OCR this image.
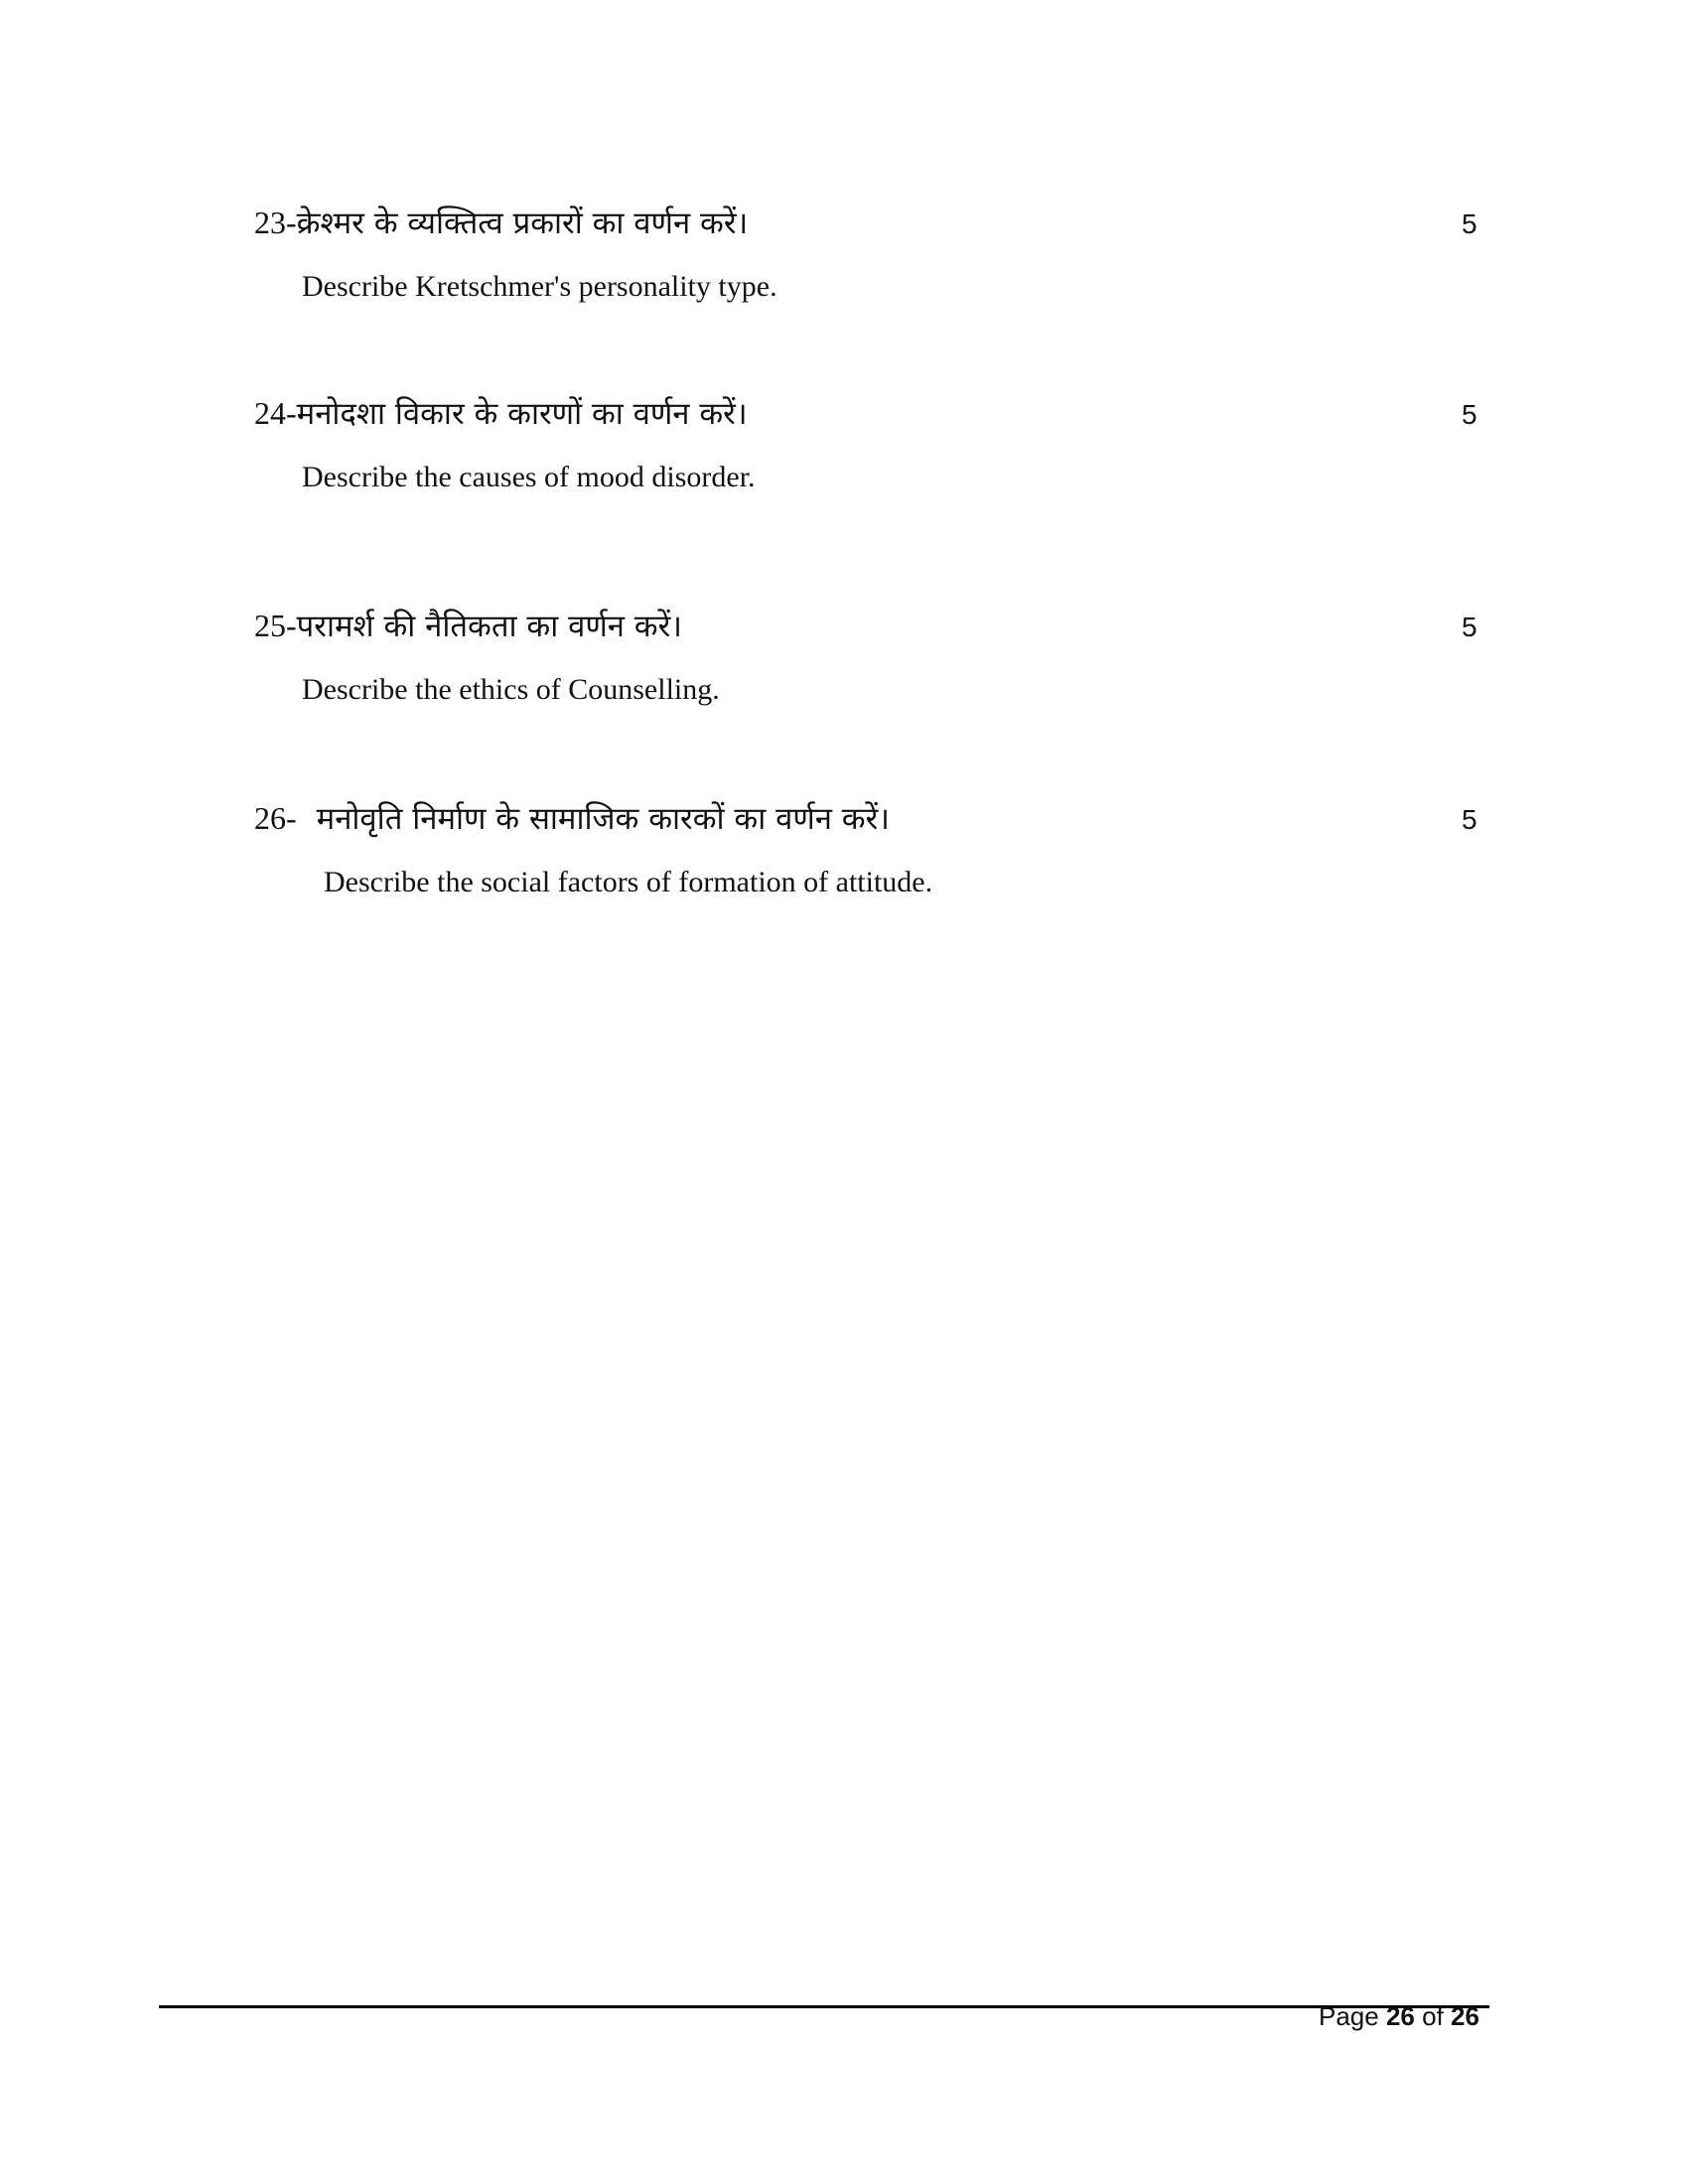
23-क्रेश्मर के व्यक्तित्व प्रकारों का वर्णन करें।	5
Describe Kretschmer's personality type.
24-मनोदशा विकार के कारणों का वर्णन करें।	5
Describe the causes of mood disorder.
25-परामर्श की नैतिकता का वर्णन करें।	5
Describe the ethics of Counselling.
26- मनोवृति निर्माण के सामाजिक कारकों का वर्णन करें।	5
Describe the social factors of formation of attitude.
Page 26 of 26
